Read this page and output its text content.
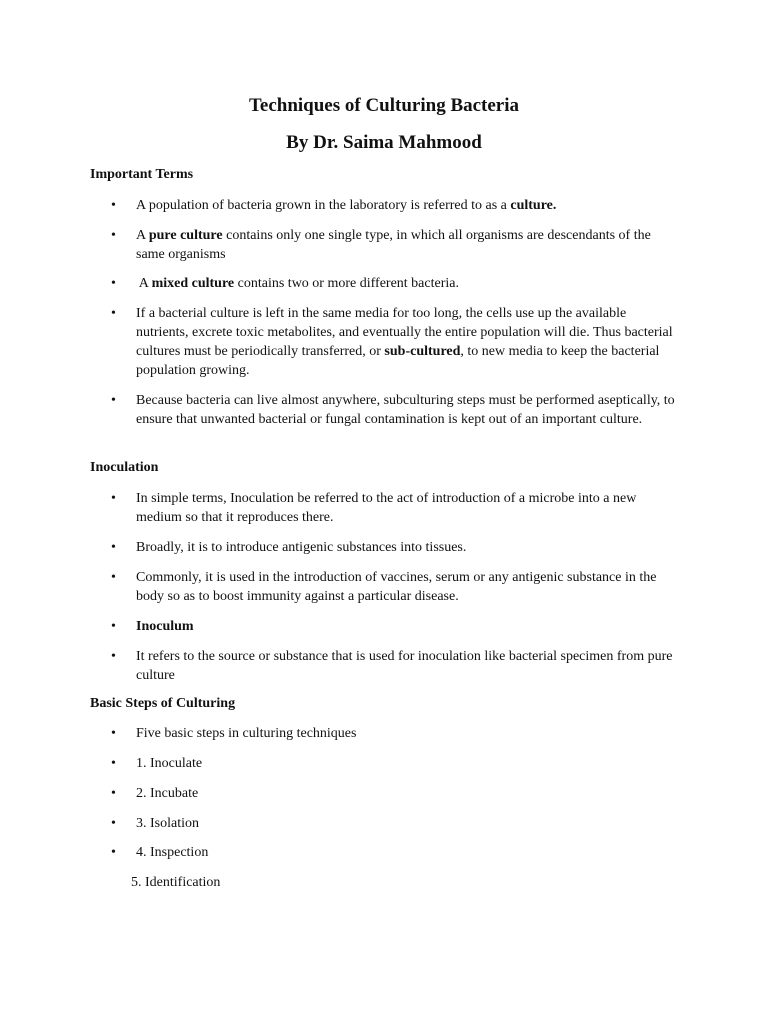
Techniques of Culturing Bacteria
By Dr. Saima Mahmood
Important Terms
•	A population of bacteria grown in the laboratory is referred to as a culture.
•	A pure culture contains only one single type, in which all organisms are descendants of the same organisms
•	A mixed culture contains two or more different bacteria.
•	If a bacterial culture is left in the same media for too long, the cells use up the available nutrients, excrete toxic metabolites, and eventually the entire population will die. Thus bacterial cultures must be periodically transferred, or sub-cultured, to new media to keep the bacterial population growing.
•	Because bacteria can live almost anywhere, subculturing steps must be performed aseptically, to ensure that unwanted bacterial or fungal contamination is kept out of an important culture.
Inoculation
•	In simple terms, Inoculation be referred to the act of introduction of a microbe into a new medium so that it reproduces there.
•	Broadly, it is to introduce antigenic substances into tissues.
•	Commonly, it is used in the introduction of vaccines, serum or any antigenic substance in the body so as to boost immunity against a particular disease.
•	Inoculum
•	It refers to the source or substance that is used for inoculation like bacterial specimen from pure culture
Basic Steps of Culturing
•	Five basic steps in culturing techniques
•	1. Inoculate
•	2. Incubate
•	3. Isolation
•	4. Inspection
5. Identification
